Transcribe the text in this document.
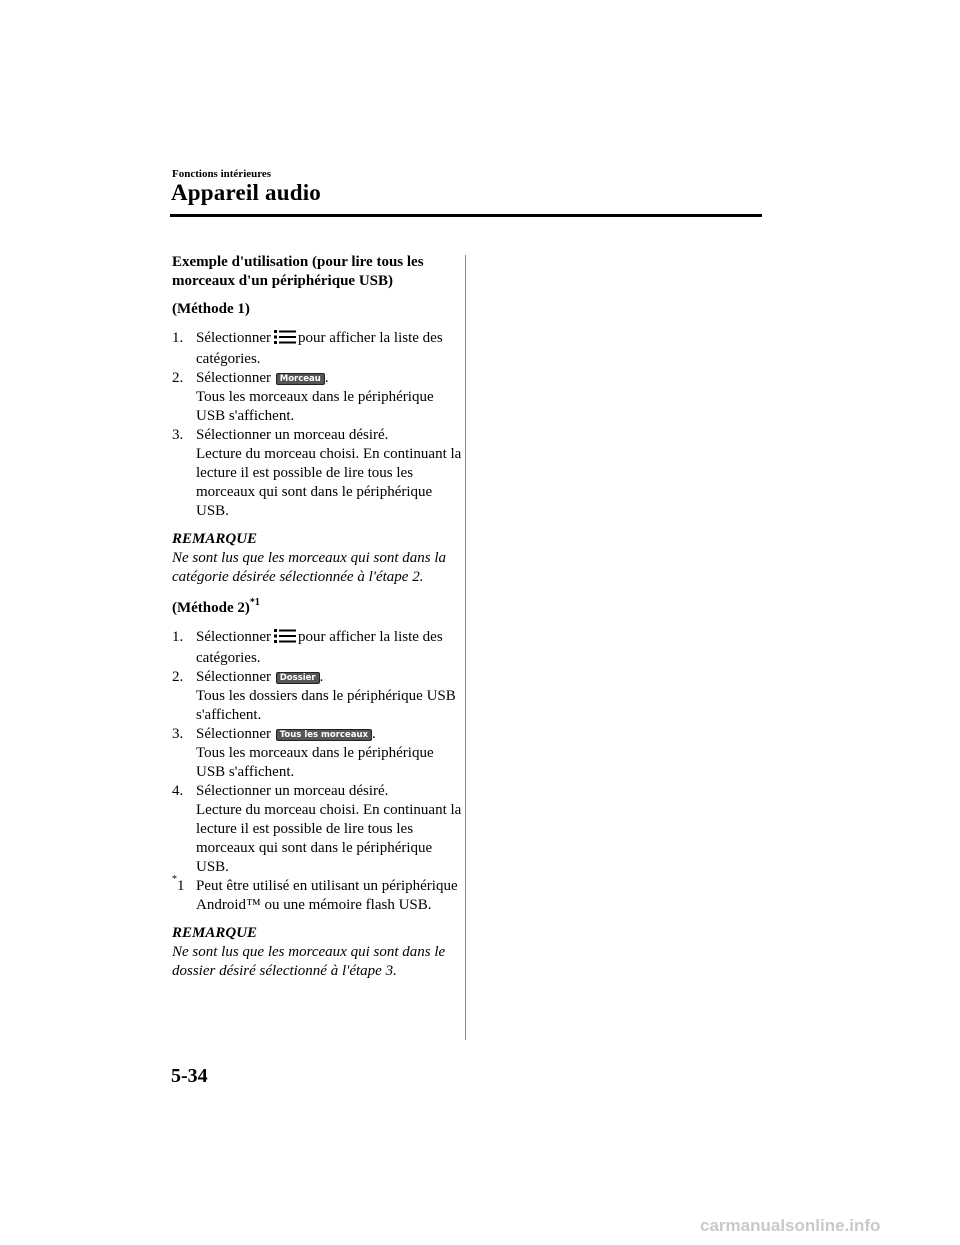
Fonctions intérieures
Appareil audio
Exemple d'utilisation (pour lire tous les morceaux d'un périphérique USB)
(Méthode 1)
1. Sélectionner pour afficher la liste des catégories.
2. Sélectionner Morceau .
Tous les morceaux dans le périphérique USB s'affichent.
3. Sélectionner un morceau désiré.
Lecture du morceau choisi. En continuant la lecture il est possible de lire tous les morceaux qui sont dans le périphérique USB.
REMARQUE
Ne sont lus que les morceaux qui sont dans la catégorie désirée sélectionnée à l'étape 2.
(Méthode 2)$^{*1}$
1. Sélectionner pour afficher la liste des catégories.
2. Sélectionner Dossier .
Tous les dossiers dans le périphérique USB s'affichent.
3. Sélectionner Tous les morceaux .
Tous les morceaux dans le périphérique USB s'affichent.
4. Sélectionner un morceau désiré.
Lecture du morceau choisi. En continuant la lecture il est possible de lire tous les morceaux qui sont dans le périphérique USB.
*1 Peut être utilisé en utilisant un périphérique Android™ ou une mémoire flash USB.
REMARQUE
Ne sont lus que les morceaux qui sont dans le dossier désiré sélectionné à l'étape 3.
5-34
carmanualsonline.info
